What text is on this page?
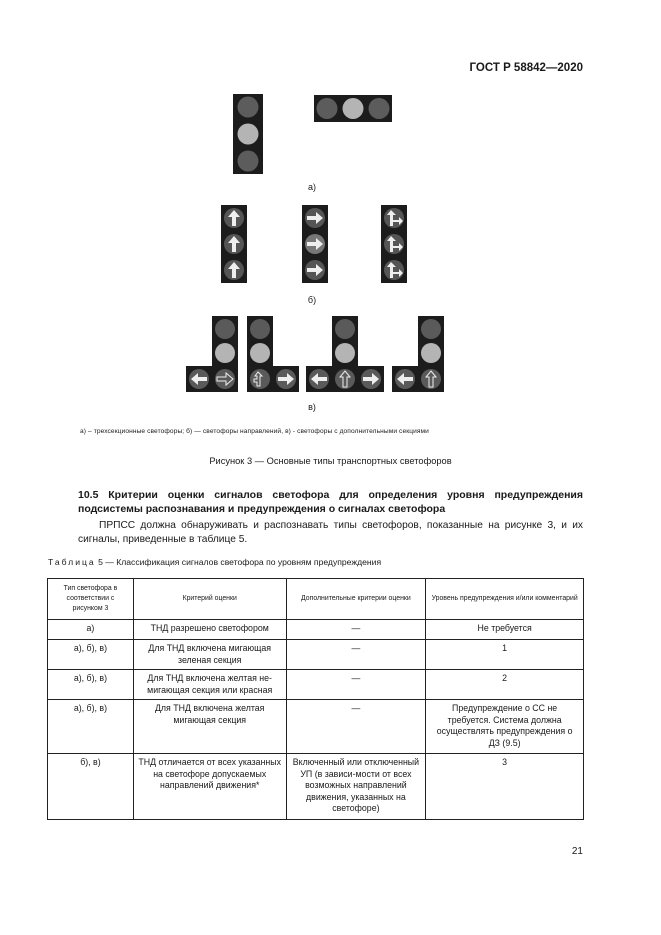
ГОСТ Р 58842—2020
а)
б)
в)
а) – трехсекционные светофоры; б) — светофоры направлений, в) - светофоры с дополнительными секциями
Рисунок 3 — Основные типы транспортных светофоров
10.5 Критерии оценки сигналов светофора для определения уровня предупреждения подсистемы распознавания и предупреждения о сигналах светофора
ПРПСС должна обнаруживать и распознавать типы светофоров, показанные на рисунке 3, и их сигналы, приведенные в таблице 5.
Таблица 5 — Классификация сигналов светофора по уровням предупреждения
Тип светофора в соответствии с рисунком 3	Критерий оценки	Дополнительные критерии оценки	Уровень предупреждения и/или комментарий
а)	ТНД разрешено светофором	—	Не требуется
а), б), в)	Для ТНД включена мигающая зеленая секция	—	1
а), б), в)	Для ТНД включена желтая не-мигающая секция или красная	—	2
а), б), в)	Для ТНД включена желтая мигающая секция	—	Предупреждение о СС не требуется. Система должна осуществлять предупреждения о ДЗ (9.5)
б), в)	ТНД отличается от всех указанных на светофоре допускаемых направлений движения*	Включенный или отключенный УП (в зависи-мости от всех возможных направлений движения, указанных на светофоре)	3
21
